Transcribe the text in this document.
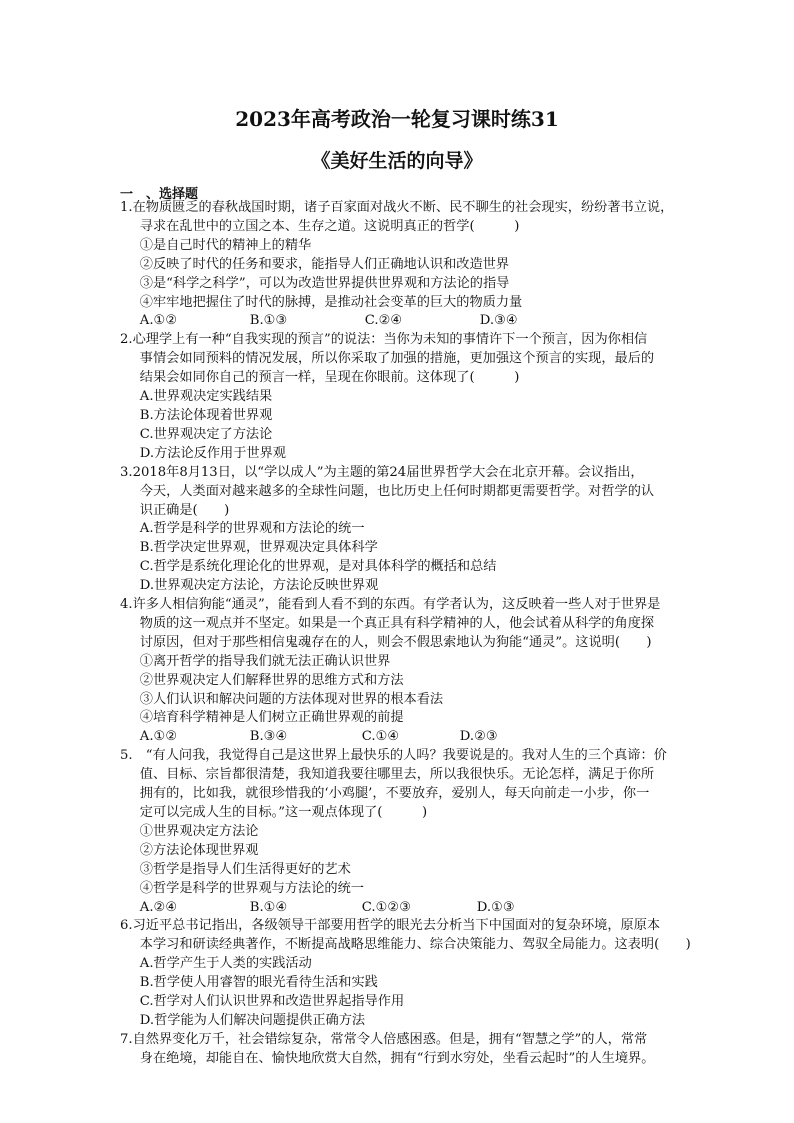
2023年高考政治一轮复习课时练31
《美好生活的向导》
一　、选择题
1.在物质匮乏的春秋战国时期，诸子百家面对战火不断、民不聊生的社会现实，纷纷著书立说，
寻求在乱世中的立国之本、生存之道。这说明真正的哲学(　　　)
①是自己时代的精神上的精华
②反映了时代的任务和要求，能指导人们正确地认识和改造世界
③是“科学之科学”，可以为改造世界提供世界观和方法论的指导
④牢牢地把握住了时代的脉搏，是推动社会变革的巨大的物质力量
A.①②	B.①③	C.②④	D.③④
2.心理学上有一种“自我实现的预言”的说法：当你为未知的事情许下一个预言，因为你相信
事情会如同预料的情况发展，所以你采取了加强的措施，更加强这个预言的实现，最后的
结果会如同你自己的预言一样，呈现在你眼前。这体现了(　　　)
A.世界观决定实践结果
B.方法论体现着世界观
C.世界观决定了方法论
D.方法论反作用于世界观
3.2018年8月13日，以“学以成人”为主题的第24届世界哲学大会在北京开幕。会议指出，
今天，人类面对越来越多的全球性问题，也比历史上任何时期都更需要哲学。对哲学的认
识正确是(　　)
A.哲学是科学的世界观和方法论的统一
B.哲学决定世界观，世界观决定具体科学
C.哲学是系统化理论化的世界观，是对具体科学的概括和总结
D.世界观决定方法论，方法论反映世界观
4.许多人相信狗能“通灵”，能看到人看不到的东西。有学者认为，这反映着一些人对于世界是
物质的这一观点并不坚定。如果是一个真正具有科学精神的人，他会试着从科学的角度探
讨原因，但对于那些相信鬼魂存在的人，则会不假思索地认为狗能“通灵”。这说明(　　)
①离开哲学的指导我们就无法正确认识世界
②世界观决定人们解释世界的思维方式和方法
③人们认识和解决问题的方法体现对世界的根本看法
④培育科学精神是人们树立正确世界观的前提
A.①②	B.③④	C.①④	D.②③
5.　“有人问我，我觉得自己是这世界上最快乐的人吗？我要说是的。我对人生的三个真谛：价
值、目标、宗旨都很清楚，我知道我要往哪里去，所以我很快乐。无论怎样，满足于你所
拥有的，比如我，就很珍惜我的‘小鸡腿’，不要放弃，爱别人，每天向前走一小步，你一
定可以完成人生的目标。”这一观点体现了(　　　)
①世界观决定方法论
②方法论体现世界观
③哲学是指导人们生活得更好的艺术
④哲学是科学的世界观与方法论的统一
A.②④	B.①④	C.①②③	D.①③
6.习近平总书记指出，各级领导干部要用哲学的眼光去分析当下中国面对的复杂环境，原原本
本学习和研读经典著作，不断提高战略思维能力、综合决策能力、驾驭全局能力。这表明(　　)
A.哲学产生于人类的实践活动
B.哲学使人用睿智的眼光看待生活和实践
C.哲学对人们认识世界和改造世界起指导作用
D.哲学能为人们解决问题提供正确方法
7.自然界变化万千，社会错综复杂，常常令人倍感困惑。但是，拥有“智慧之学”的人，常常
身在绝境，却能自在、愉快地欣赏大自然，拥有“行到水穷处，坐看云起时”的人生境界。
